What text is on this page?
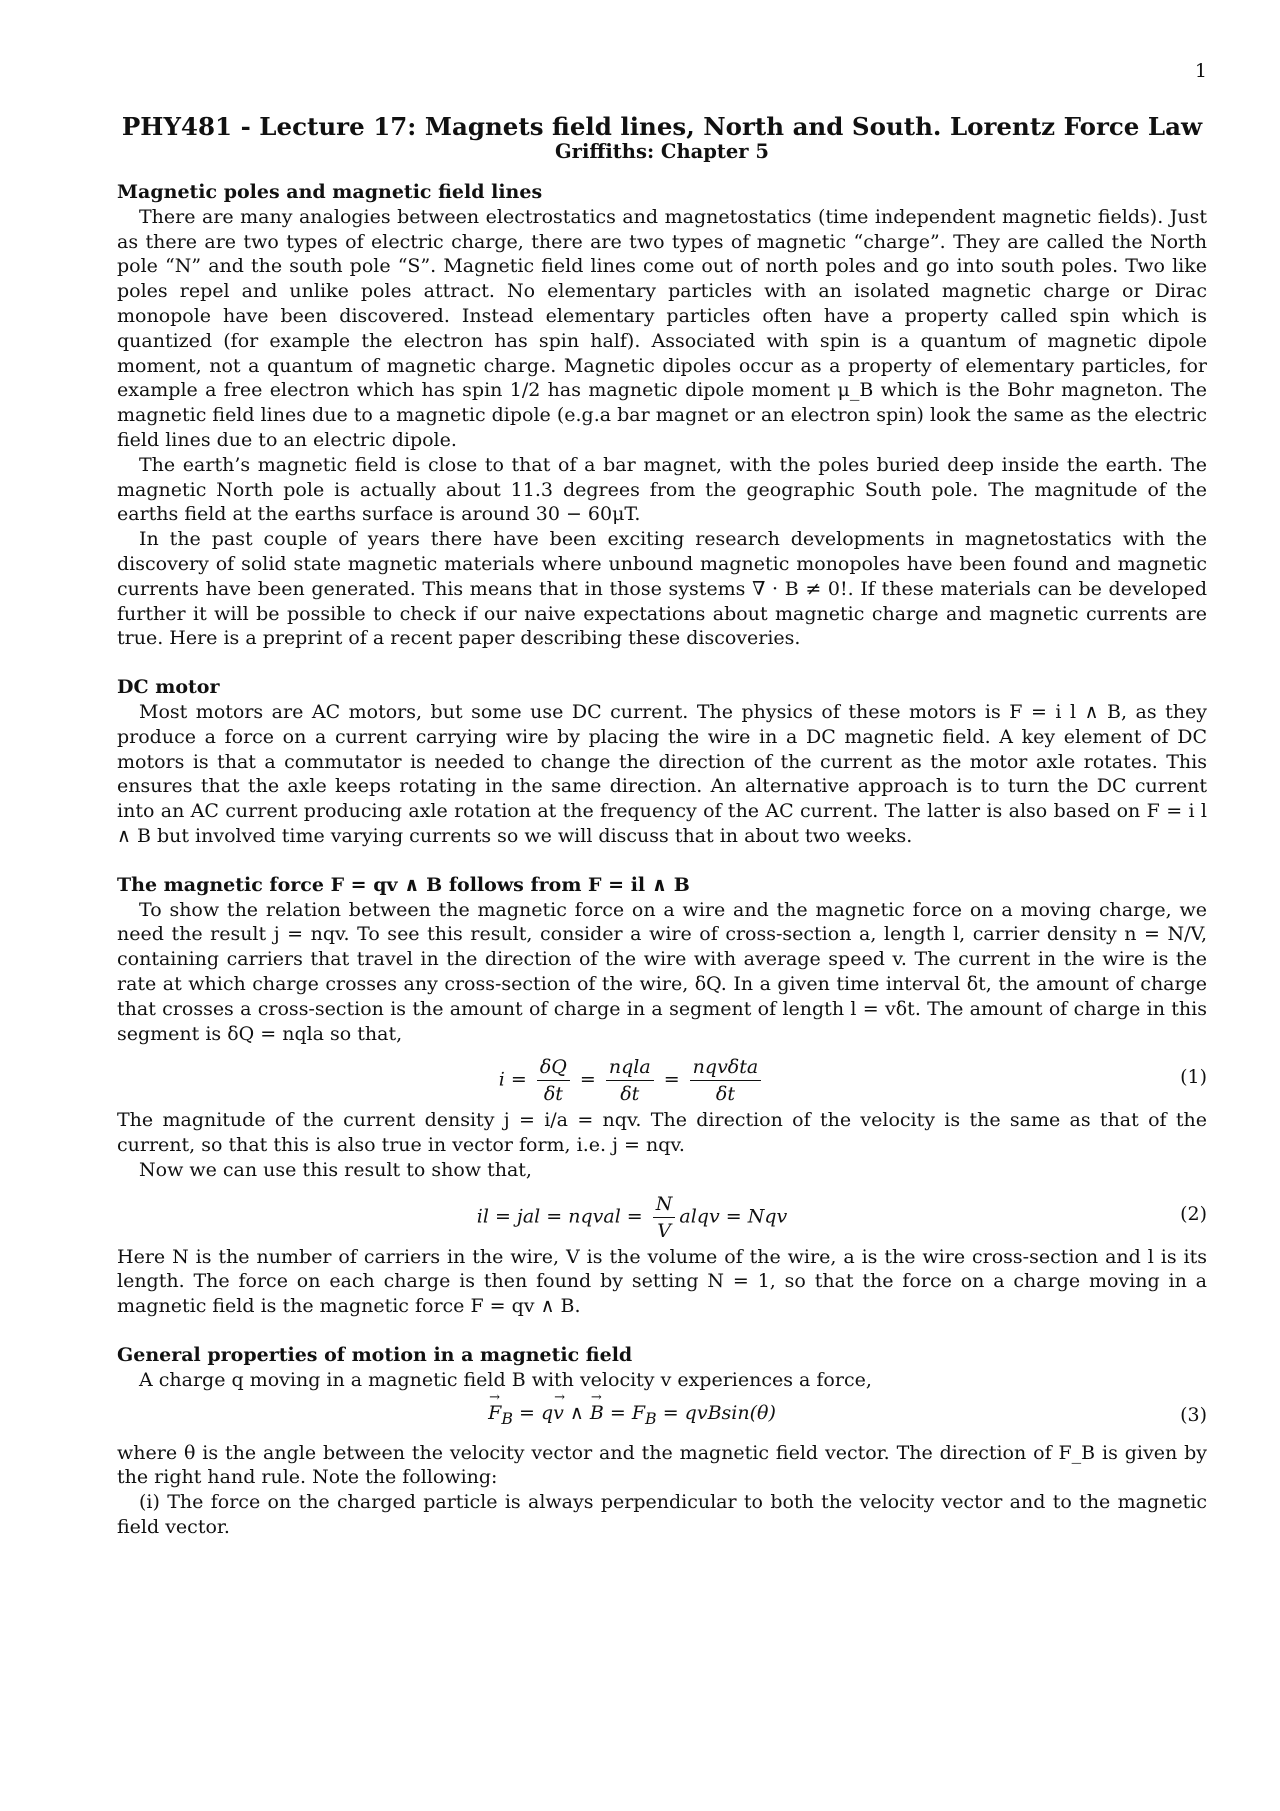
1
PHY481 - Lecture 17: Magnets field lines, North and South. Lorentz Force Law
Griffiths: Chapter 5

Magnetic poles and magnetic field lines

There are many analogies between electrostatics and magnetostatics (time independent magnetic fields). Just as there are two types of electric charge, there are two types of magnetic “charge”. They are called the North pole “N” and the south pole “S”. Magnetic field lines come out of north poles and go into south poles. Two like poles repel and unlike poles attract. No elementary particles with an isolated magnetic charge or Dirac monopole have been discovered. Instead elementary particles often have a property called spin which is quantized (for example the electron has spin half). Associated with spin is a quantum of magnetic dipole moment, not a quantum of magnetic charge. Magnetic dipoles occur as a property of elementary particles, for example a free electron which has spin 1/2 has magnetic dipole moment μ_B which is the Bohr magneton. The magnetic field lines due to a magnetic dipole (e.g.a bar magnet or an electron spin) look the same as the electric field lines due to an electric dipole.

The earth’s magnetic field is close to that of a bar magnet, with the poles buried deep inside the earth. The magnetic North pole is actually about 11.3 degrees from the geographic South pole. The magnitude of the earths field at the earths surface is around 30 − 60μT.

In the past couple of years there have been exciting research developments in magnetostatics with the discovery of solid state magnetic materials where unbound magnetic monopoles have been found and magnetic currents have been generated. This means that in those systems ∇ · B ≠ 0!. If these materials can be developed further it will be possible to check if our naive expectations about magnetic charge and magnetic currents are true. Here is a preprint of a recent paper describing these discoveries.

DC motor

Most motors are AC motors, but some use DC current. The physics of these motors is F = i l ∧ B, as they produce a force on a current carrying wire by placing the wire in a DC magnetic field. A key element of DC motors is that a commutator is needed to change the direction of the current as the motor axle rotates. This ensures that the axle keeps rotating in the same direction. An alternative approach is to turn the DC current into an AC current producing axle rotation at the frequency of the AC current. The latter is also based on F = i l ∧ B but involved time varying currents so we will discuss that in about two weeks.

The magnetic force F = qv ∧ B follows from F = il ∧ B

To show the relation between the magnetic force on a wire and the magnetic force on a moving charge, we need the result j = nqv. To see this result, consider a wire of cross-section a, length l, carrier density n = N/V, containing carriers that travel in the direction of the wire with average speed v. The current in the wire is the rate at which charge crosses any cross-section of the wire, δQ. In a given time interval δt, the amount of charge that crosses a cross-section is the amount of charge in a segment of length l = vδt. The amount of charge in this segment is δQ = nqla so that,

$i = \frac{\delta Q}{\delta t} = \frac{\text{nqla}}{\delta t} = \frac{\text{nqvδta}}{\delta t}$	(1)

The magnitude of the current density j = i/a = nqv. The direction of the velocity is the same as that of the current, so that this is also true in vector form, i.e. j = nqv.

Now we can use this result to show that,

il = jal = nqval = $\frac{N}{V}$ alqv = Nqv	(2)

Here N is the number of carriers in the wire, V is the volume of the wire, a is the wire cross-section and l is its length. The force on each charge is then found by setting N = 1, so that the force on a charge moving in a magnetic field is the magnetic force F = qv ∧ B.

General properties of motion in a magnetic field

A charge q moving in a magnetic field B with velocity v experiences a force,

→ $F_B = q\to v$ ∧ → $B = F_B = qvBsin(\theta)$	(3)

where θ is the angle between the velocity vector and the magnetic field vector. The direction of F_B is given by the right hand rule. Note the following:

(i) The force on the charged particle is always perpendicular to both the velocity vector and to the magnetic field vector.
